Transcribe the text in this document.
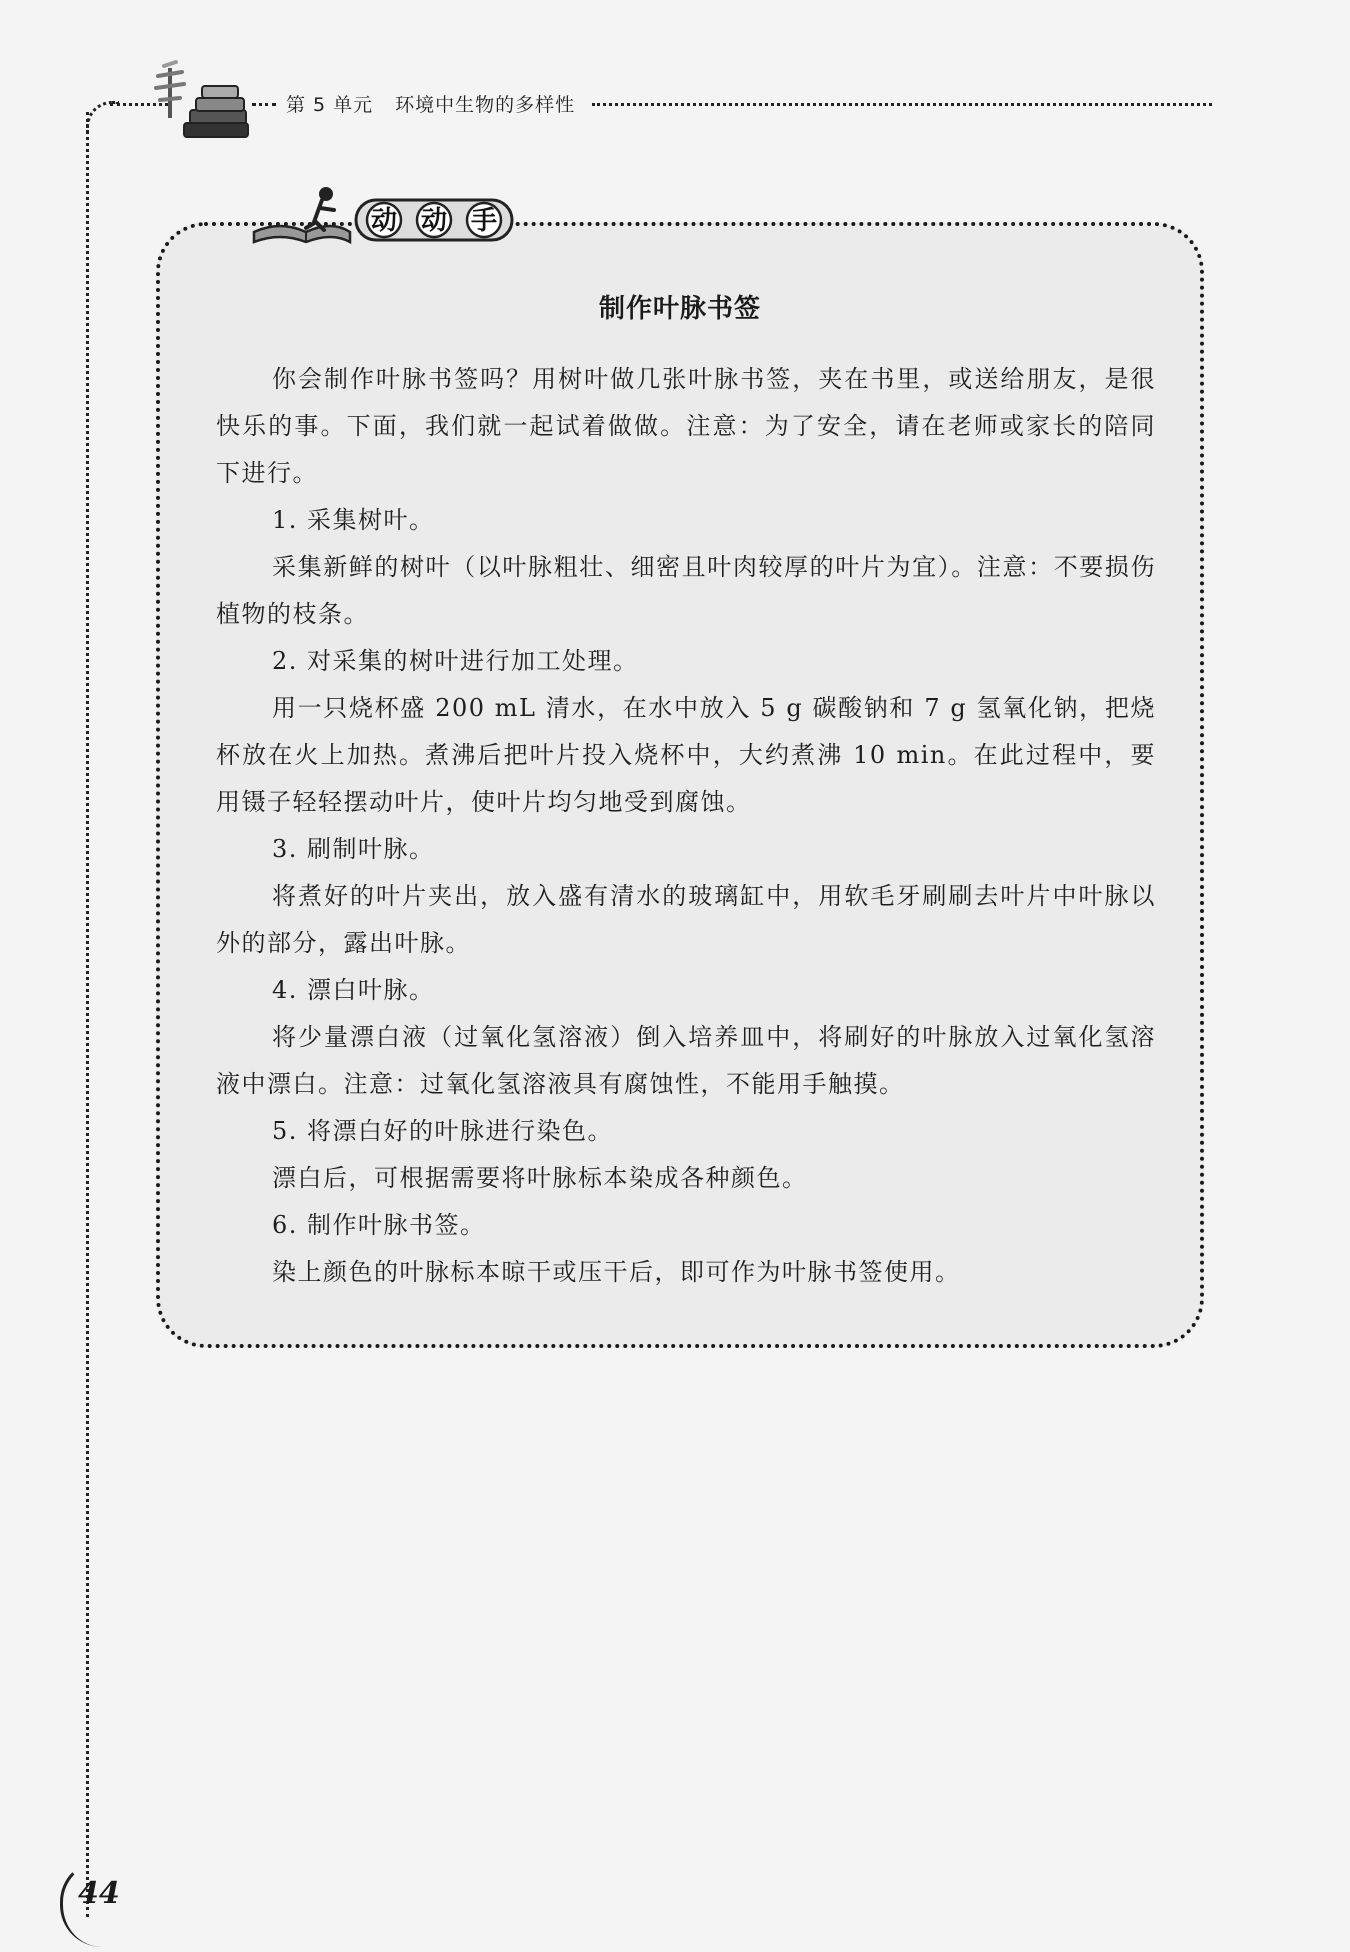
第 5 单元 环境中生物的多样性
制作叶脉书签

你会制作叶脉书签吗？用树叶做几张叶脉书签，夹在书里，或送给朋友，是很快乐的事。下面，我们就一起试着做做。注意：为了安全，请在老师或家长的陪同下进行。

1. 采集树叶。

采集新鲜的树叶（以叶脉粗壮、细密且叶肉较厚的叶片为宜）。注意：不要损伤植物的枝条。

2. 对采集的树叶进行加工处理。

用一只烧杯盛 200 mL 清水，在水中放入 5 g 碳酸钠和 7 g 氢氧化钠，把烧杯放在火上加热。煮沸后把叶片投入烧杯中，大约煮沸 10 min。在此过程中，要用镊子轻轻摆动叶片，使叶片均匀地受到腐蚀。

3. 刷制叶脉。

将煮好的叶片夹出，放入盛有清水的玻璃缸中，用软毛牙刷刷去叶片中叶脉以外的部分，露出叶脉。

4. 漂白叶脉。

将少量漂白液（过氧化氢溶液）倒入培养皿中，将刷好的叶脉放入过氧化氢溶液中漂白。注意：过氧化氢溶液具有腐蚀性，不能用手触摸。

5. 将漂白好的叶脉进行染色。

漂白后，可根据需要将叶脉标本染成各种颜色。

6. 制作叶脉书签。

染上颜色的叶脉标本晾干或压干后，即可作为叶脉书签使用。

动 动 手
44
